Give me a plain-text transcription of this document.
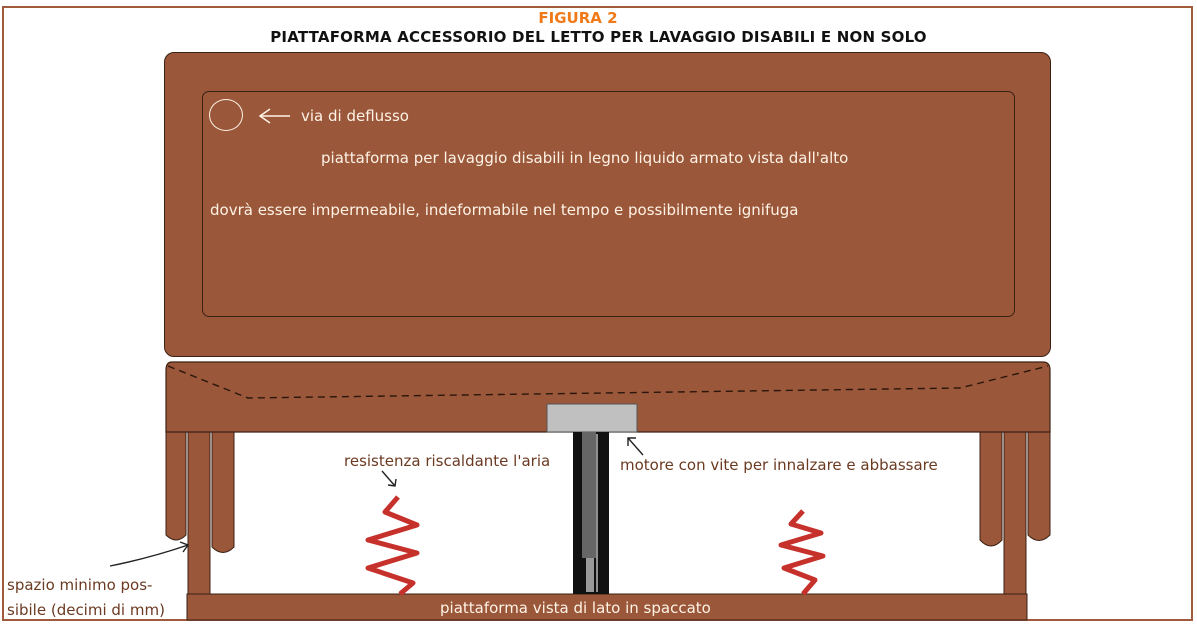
FIGURA 2
PIATTAFORMA ACCESSORIO DEL LETTO PER LAVAGGIO DISABILI E NON SOLO
via di deflusso
piattaforma per lavaggio disabili in legno liquido armato vista dall'alto
dovrà essere impermeabile, indeformabile nel tempo e possibilmente ignifuga
resistenza riscaldante l'aria	motore con vite per innalzare e abbassare
spazio minimo pos-
sibile (decimi di mm)	piattaforma vista di lato in spaccato
